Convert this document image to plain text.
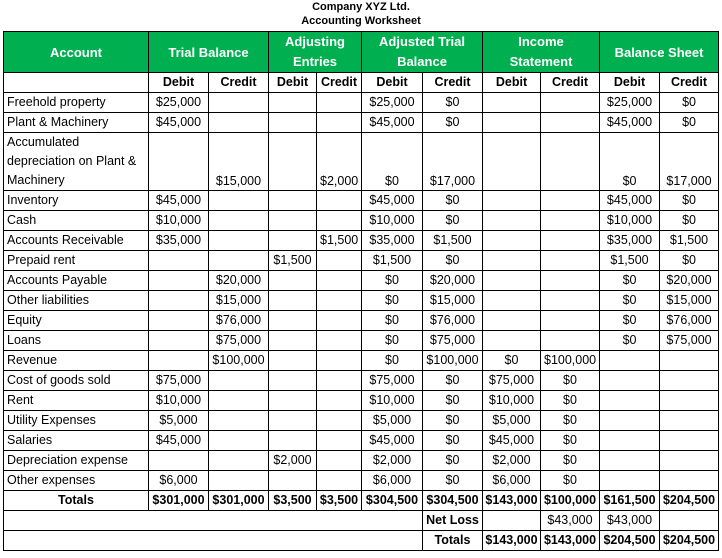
Company XYZ Ltd.
Accounting Worksheet
Account	Trial Balance		Adjusting Entries		Adjusted Trial Balance		Income Statement		Balance Sheet	
	Debit	Credit	Debit	Credit	Debit	Credit	Debit	Credit	Debit	Credit
Freehold property	$25,000				$25,000	$0			$25,000	$0
Plant & Machinery	$45,000				$45,000	$0			$45,000	$0
Accumulated depreciation on Plant & Machinery		$15,000		$2,000	$0	$17,000			$0	$17,000
Inventory	$45,000				$45,000	$0			$45,000	$0
Cash	$10,000				$10,000	$0			$10,000	$0
Accounts Receivable	$35,000			$1,500	$35,000	$1,500			$35,000	$1,500
Prepaid rent			$1,500		$1,500	$0			$1,500	$0
Accounts Payable		$20,000			$0	$20,000			$0	$20,000
Other liabilities		$15,000			$0	$15,000			$0	$15,000
Equity		$76,000			$0	$76,000			$0	$76,000
Loans		$75,000			$0	$75,000			$0	$75,000
Revenue		$100,000			$0	$100,000	$0	$100,000		
Cost of goods sold	$75,000				$75,000	$0	$75,000	$0		
Rent	$10,000				$10,000	$0	$10,000	$0		
Utility Expenses	$5,000				$5,000	$0	$5,000	$0		
Salaries	$45,000				$45,000	$0	$45,000	$0		
Depreciation expense			$2,000		$2,000	$0	$2,000	$0		
Other expenses	$6,000				$6,000	$0	$6,000	$0		
Totals	$301,000	$301,000	$3,500	$3,500	$304,500	$304,500	$143,000	$100,000	$161,500	$204,500
						Net Loss		$43,000	$43,000	
						Totals	$143,000	$143,000	$204,500	$204,500
